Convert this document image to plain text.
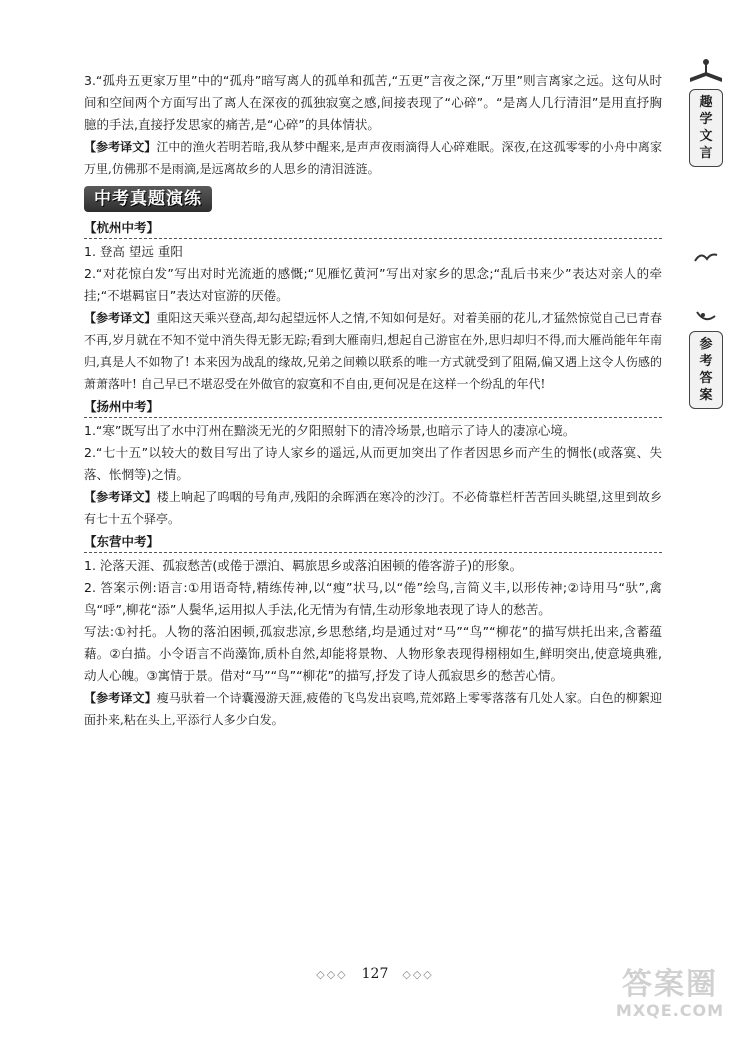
3.“孤舟五更家万里”中的“孤舟”暗写离人的孤单和孤苦,“五更”言夜之深,“万里”则言离家之远。这句从时间和空间两个方面写出了离人在深夜的孤独寂寞之感,间接表现了“心碎”。“是离人几行清泪”是用直抒胸臆的手法,直接抒发思家的痛苦,是“心碎”的具体情状。

【参考译文】江中的渔火若明若暗,我从梦中醒来,是声声夜雨滴得人心碎难眠。深夜,在这孤零零的小舟中离家万里,仿佛那不是雨滴,是远离故乡的人思乡的清泪涟涟。

中考真题演练
【杭州中考】

1. 登高 望远 重阳

2.“对花惊白发”写出对时光流逝的感慨;“见雁忆黄河”写出对家乡的思念;“乱后书来少”表达对亲人的牵挂;“不堪羁宦日”表达对宦游的厌倦。

【参考译文】重阳这天乘兴登高,却勾起望远怀人之情,不知如何是好。对着美丽的花儿,才猛然惊觉自己已青春不再,岁月就在不知不觉中消失得无影无踪;看到大雁南归,想起自己游宦在外,思归却归不得,而大雁尚能年年南归,真是人不如物了! 本来因为战乱的缘故,兄弟之间赖以联系的唯一方式就受到了阻隔,偏又遇上这令人伤感的萧萧落叶! 自己早已不堪忍受在外做官的寂寞和不自由,更何况是在这样一个纷乱的年代!

【扬州中考】

1.“寒”既写出了水中汀州在黯淡无光的夕阳照射下的清冷场景,也暗示了诗人的凄凉心境。

2.“七十五”以较大的数目写出了诗人家乡的遥远,从而更加突出了作者因思乡而产生的惆怅(或落寞、失落、怅惘等)之情。

【参考译文】楼上响起了呜咽的号角声,残阳的余晖洒在寒冷的沙汀。不必倚靠栏杆苦苦回头眺望,这里到故乡有七十五个驿亭。

【东营中考】

1. 沦落天涯、孤寂愁苦(或倦于漂泊、羁旅思乡或落泊困顿的倦客游子)的形象。

2. 答案示例:语言:①用语奇特,精练传神,以“瘦”状马,以“倦”绘鸟,言简义丰,以形传神;②诗用马“驮”,禽鸟“呼”,柳花“添”人鬓华,运用拟人手法,化无情为有情,生动形象地表现了诗人的愁苦。

写法:①衬托。人物的落泊困顿,孤寂悲凉,乡思愁绪,均是通过对“马”“鸟”“柳花”的描写烘托出来,含蓄蕴藉。②白描。小令语言不尚藻饰,质朴自然,却能将景物、人物形象表现得栩栩如生,鲜明突出,使意境典雅,动人心魄。③寓情于景。借对“马”“鸟”“柳花”的描写,抒发了诗人孤寂思乡的愁苦心情。

【参考译文】瘦马驮着一个诗囊漫游天涯,疲倦的飞鸟发出哀鸣,荒郊路上零零落落有几处人家。白色的柳絮迎面扑来,粘在头上,平添行人多少白发。

趣
学
文
言
参
考
答
案
◇◇◇ 127 ◇◇◇	答案圈
MXQE.COM
